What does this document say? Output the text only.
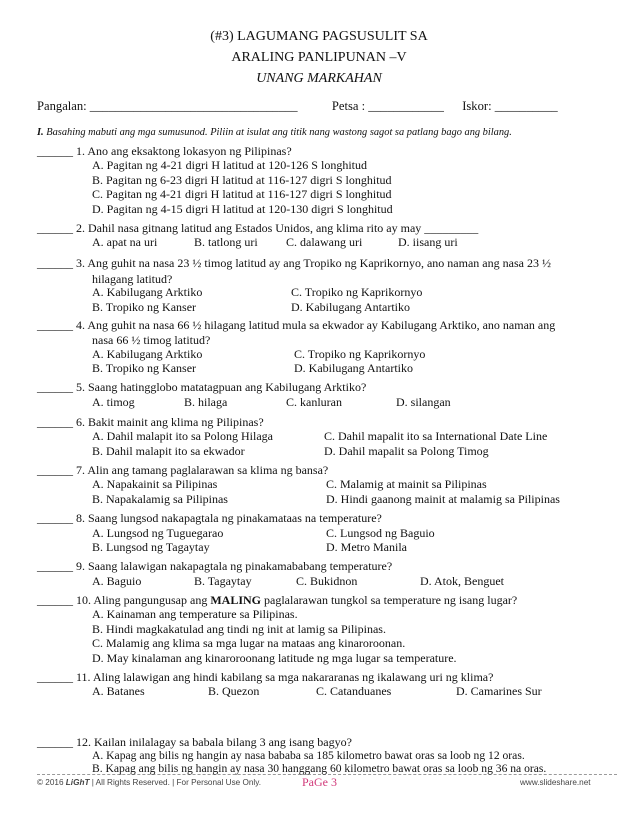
(#3) LAGUMANG PAGSUSULIT SA
ARALING PANLIPUNAN –V
UNANG MARKAHAN
Pangalan: _________________________________	Petsa : ____________ Iskor: __________
I. Basahing mabuti ang mga sumusunod. Piliin at isulat ang titik nang wastong sagot sa patlang bago ang bilang.
______ 1. Ano ang eksaktong lokasyon ng Pilipinas?
A. Pagitan ng 4-21 digri H latitud at 120-126 S longhitud
B. Pagitan ng 6-23 digri H latitud at 116-127 digri S longhitud
C. Pagitan ng 4-21 digri H latitud at 116-127 digri S longhitud
D. Pagitan ng 4-15 digri H latitud at 120-130 digri S longhitud
______ 2. Dahil nasa gitnang latitud ang Estados Unidos, ang klima rito ay may _________
A. apat na uri	B. tatlong uri C. dalawang uri	D. iisang uri
______ 3. Ang guhit na nasa 23 ½ timog latitud ay ang Tropiko ng Kaprikornyo, ano naman ang nasa 23 ½
hilagang latitud?
A. Kabilugang Arktiko	C. Tropiko ng Kaprikornyo
B. Tropiko ng Kanser	D. Kabilugang Antartiko
______ 4. Ang guhit na nasa 66 ½ hilagang latitud mula sa ekwador ay Kabilugang Arktiko, ano naman ang
nasa 66 ½ timog latitud?
A. Kabilugang Arktiko	C. Tropiko ng Kaprikornyo
B. Tropiko ng Kanser	D. Kabilugang Antartiko
______ 5. Saang hatingglobo matatagpuan ang Kabilugang Arktiko?
A. timog	B. hilaga	C. kanluran	D. silangan
______ 6. Bakit mainit ang klima ng Pilipinas?
A. Dahil malapit ito sa Polong Hilaga	C. Dahil mapalit ito sa International Date Line
B. Dahil malapit ito sa ekwador	D. Dahil mapalit sa Polong Timog
______ 7. Alin ang tamang paglalarawan sa klima ng bansa?
A. Napakainit sa Pilipinas	C. Malamig at mainit sa Pilipinas
B. Napakalamig sa Pilipinas	D. Hindi gaanong mainit at malamig sa Pilipinas
______ 8. Saang lungsod nakapagtala ng pinakamataas na temperature?
A. Lungsod ng Tuguegarao	C. Lungsod ng Baguio
B. Lungsod ng Tagaytay	D. Metro Manila
______ 9. Saang lalawigan nakapagtala ng pinakamababang temperature?
A. Baguio	B. Tagaytay	C. Bukidnon	D. Atok, Benguet
______ 10. Aling pangungusap ang MALING paglalarawan tungkol sa temperature ng isang lugar?
A. Kainaman ang temperature sa Pilipinas.
B. Hindi magkakatulad ang tindi ng init at lamig sa Pilipinas.
C. Malamig ang klima sa mga lugar na mataas ang kinaroroonan.
D. May kinalaman ang kinaroroonang latitude ng mga lugar sa temperature.
______ 11. Aling lalawigan ang hindi kabilang sa mga nakararanas ng ikalawang uri ng klima?
A. Batanes	B. Quezon	C. Catanduanes	D. Camarines Sur
© 2016 LiGhT | All Rights Reserved. | For Personal Use Only.	PaGe 3	www.slideshare.net
______ 12. Kailan inilalagay sa babala bilang 3 ang isang bagyo?
A. Kapag ang bilis ng hangin ay nasa bababa sa 185 kilometro bawat oras sa loob ng 12 oras.
B. Kapag ang bilis ng hangin ay nasa 30 hanggang 60 kilometro bawat oras sa loob ng 36 na oras.
